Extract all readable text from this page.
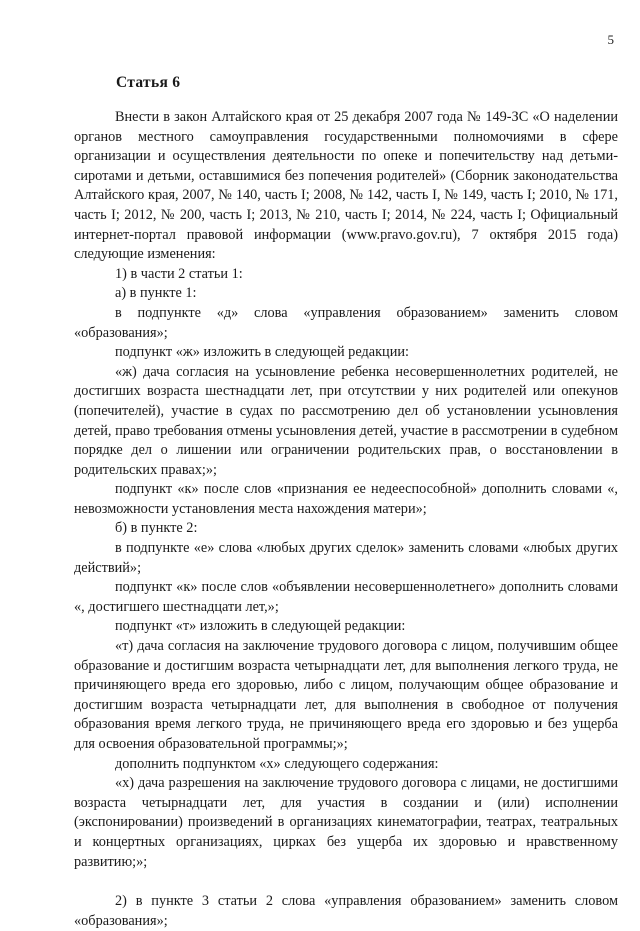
5
Статья 6

Внести в закон Алтайского края от 25 декабря 2007 года № 149-ЗС «О наделении органов местного самоуправления государственными полномочиями в сфере организации и осуществления деятельности по опеке и попечительству над детьми-сиротами и детьми, оставшимися без попечения родителей» (Сборник законодательства Алтайского края, 2007, № 140, часть I; 2008, № 142, часть I, № 149, часть I; 2010, № 171, часть I; 2012, № 200, часть I; 2013, № 210, часть I; 2014, № 224, часть I; Официальный интернет-портал правовой информации (www.pravo.gov.ru), 7 октября 2015 года) следующие изменения:

1) в части 2 статьи 1:

а) в пункте 1:

в подпункте «д» слова «управления образованием» заменить словом «образования»;

подпункт «ж» изложить в следующей редакции:

«ж) дача согласия на усыновление ребенка несовершеннолетних родителей, не достигших возраста шестнадцати лет, при отсутствии у них родителей или опекунов (попечителей), участие в судах по рассмотрению дел об установлении усыновления детей, право требования отмены усыновления детей, участие в рассмотрении в судебном порядке дел о лишении или ограничении родительских прав, о восстановлении в родительских правах;»;

подпункт «к» после слов «признания ее недееспособной» дополнить словами «, невозможности установления места нахождения матери»;

б) в пункте 2:

в подпункте «е» слова «любых других сделок» заменить словами «любых других действий»;

подпункт «к» после слов «объявлении несовершеннолетнего» дополнить словами «, достигшего шестнадцати лет,»;

подпункт «т» изложить в следующей редакции:

«т) дача согласия на заключение трудового договора с лицом, получившим общее образование и достигшим возраста четырнадцати лет, для выполнения легкого труда, не причиняющего вреда его здоровью, либо с лицом, получающим общее образование и достигшим возраста четырнадцати лет, для выполнения в свободное от получения образования время легкого труда, не причиняющего вреда его здоровью и без ущерба для освоения образовательной программы;»;

дополнить подпунктом «х» следующего содержания:

«х) дача разрешения на заключение трудового договора с лицами, не достигшими возраста четырнадцати лет, для участия в создании и (или) исполнении (экспонировании) произведений в организациях кинематографии, театрах, театральных и концертных организациях, цирках без ущерба их здоровью и нравственному развитию;»;

2) в пункте 3 статьи 2 слова «управления образованием» заменить словом «образования»;
